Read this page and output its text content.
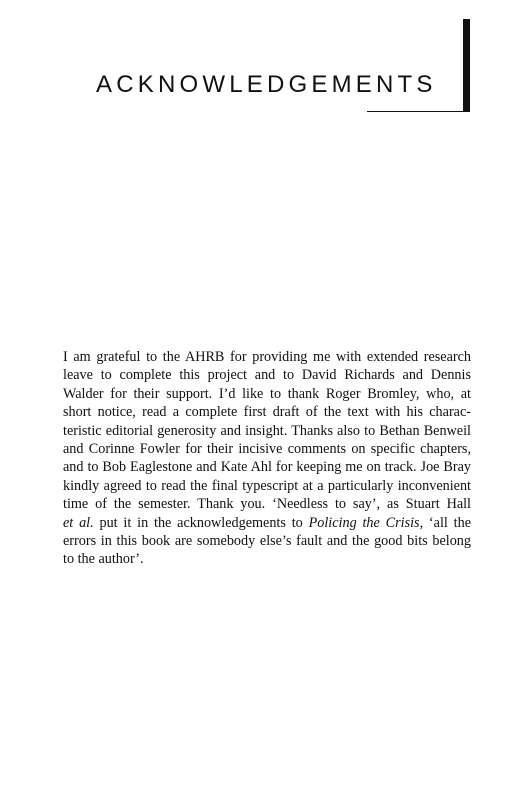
ACKNOWLEDGEMENTS
I am grateful to the AHRB for providing me with extended research
leave to complete this project and to David Richards and Dennis
Walder for their support. I’d like to thank Roger Bromley, who, at
short notice, read a complete first draft of the text with his charac-
teristic editorial generosity and insight. Thanks also to Bethan Benweil
and Corinne Fowler for their incisive comments on specific chapters,
and to Bob Eaglestone and Kate Ahl for keeping me on track. Joe Bray
kindly agreed to read the final typescript at a particularly inconvenient
time of the semester. Thank you. ‘Needless to say’, as Stuart Hall
et al. put it in the acknowledgements to Policing the Crisis, ‘all the
errors in this book are somebody else’s fault and the good bits belong
to the author’.
